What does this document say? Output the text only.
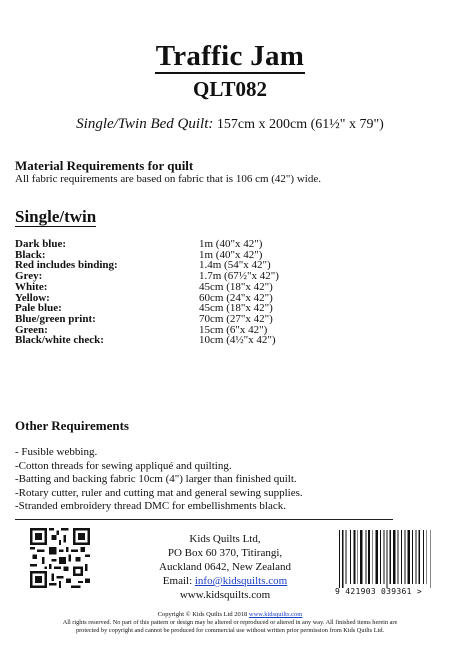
Traffic Jam
QLT082
Single/Twin Bed Quilt: 157cm x 200cm (61½" x 79")
Material Requirements for quilt
All fabric requirements are based on fabric that is 106 cm (42") wide.
Single/twin
Dark blue:	1m (40"x 42")
Black:	1m (40"x 42")
Red includes binding:	1.4m (54"x 42")
Grey:	1.7m (67½"x 42")
White:	45cm (18"x 42")
Yellow:	60cm (24"x 42")
Pale blue:	45cm (18"x 42")
Blue/green print:	70cm (27"x 42")
Green:	15cm (6"x 42")
Black/white check:	10cm (4½"x 42")
Other Requirements
- Fusible webbing.
-Cotton threads for sewing appliqué and quilting.
-Batting and backing fabric 10cm (4") larger than finished quilt.
-Rotary cutter, ruler and cutting mat and general sewing supplies.
-Stranded embroidery thread DMC for embellishments black.
Kids Quilts Ltd,
PO Box 60 370, Titirangi,
Auckland 0642, New Zealand
Email: info@kidsquilts.com
www.kidsquilts.com	9 421903 039361 >
Copyright © Kids Quilts Ltd 2018 www.kidsquilts.com
All rights reserved. No part of this pattern or design may be altered or reproduced or altered in any way. All finished items herein are
protected by copyright and cannot be produced for commercial use without written prior permission from Kids Quilts Ltd.
